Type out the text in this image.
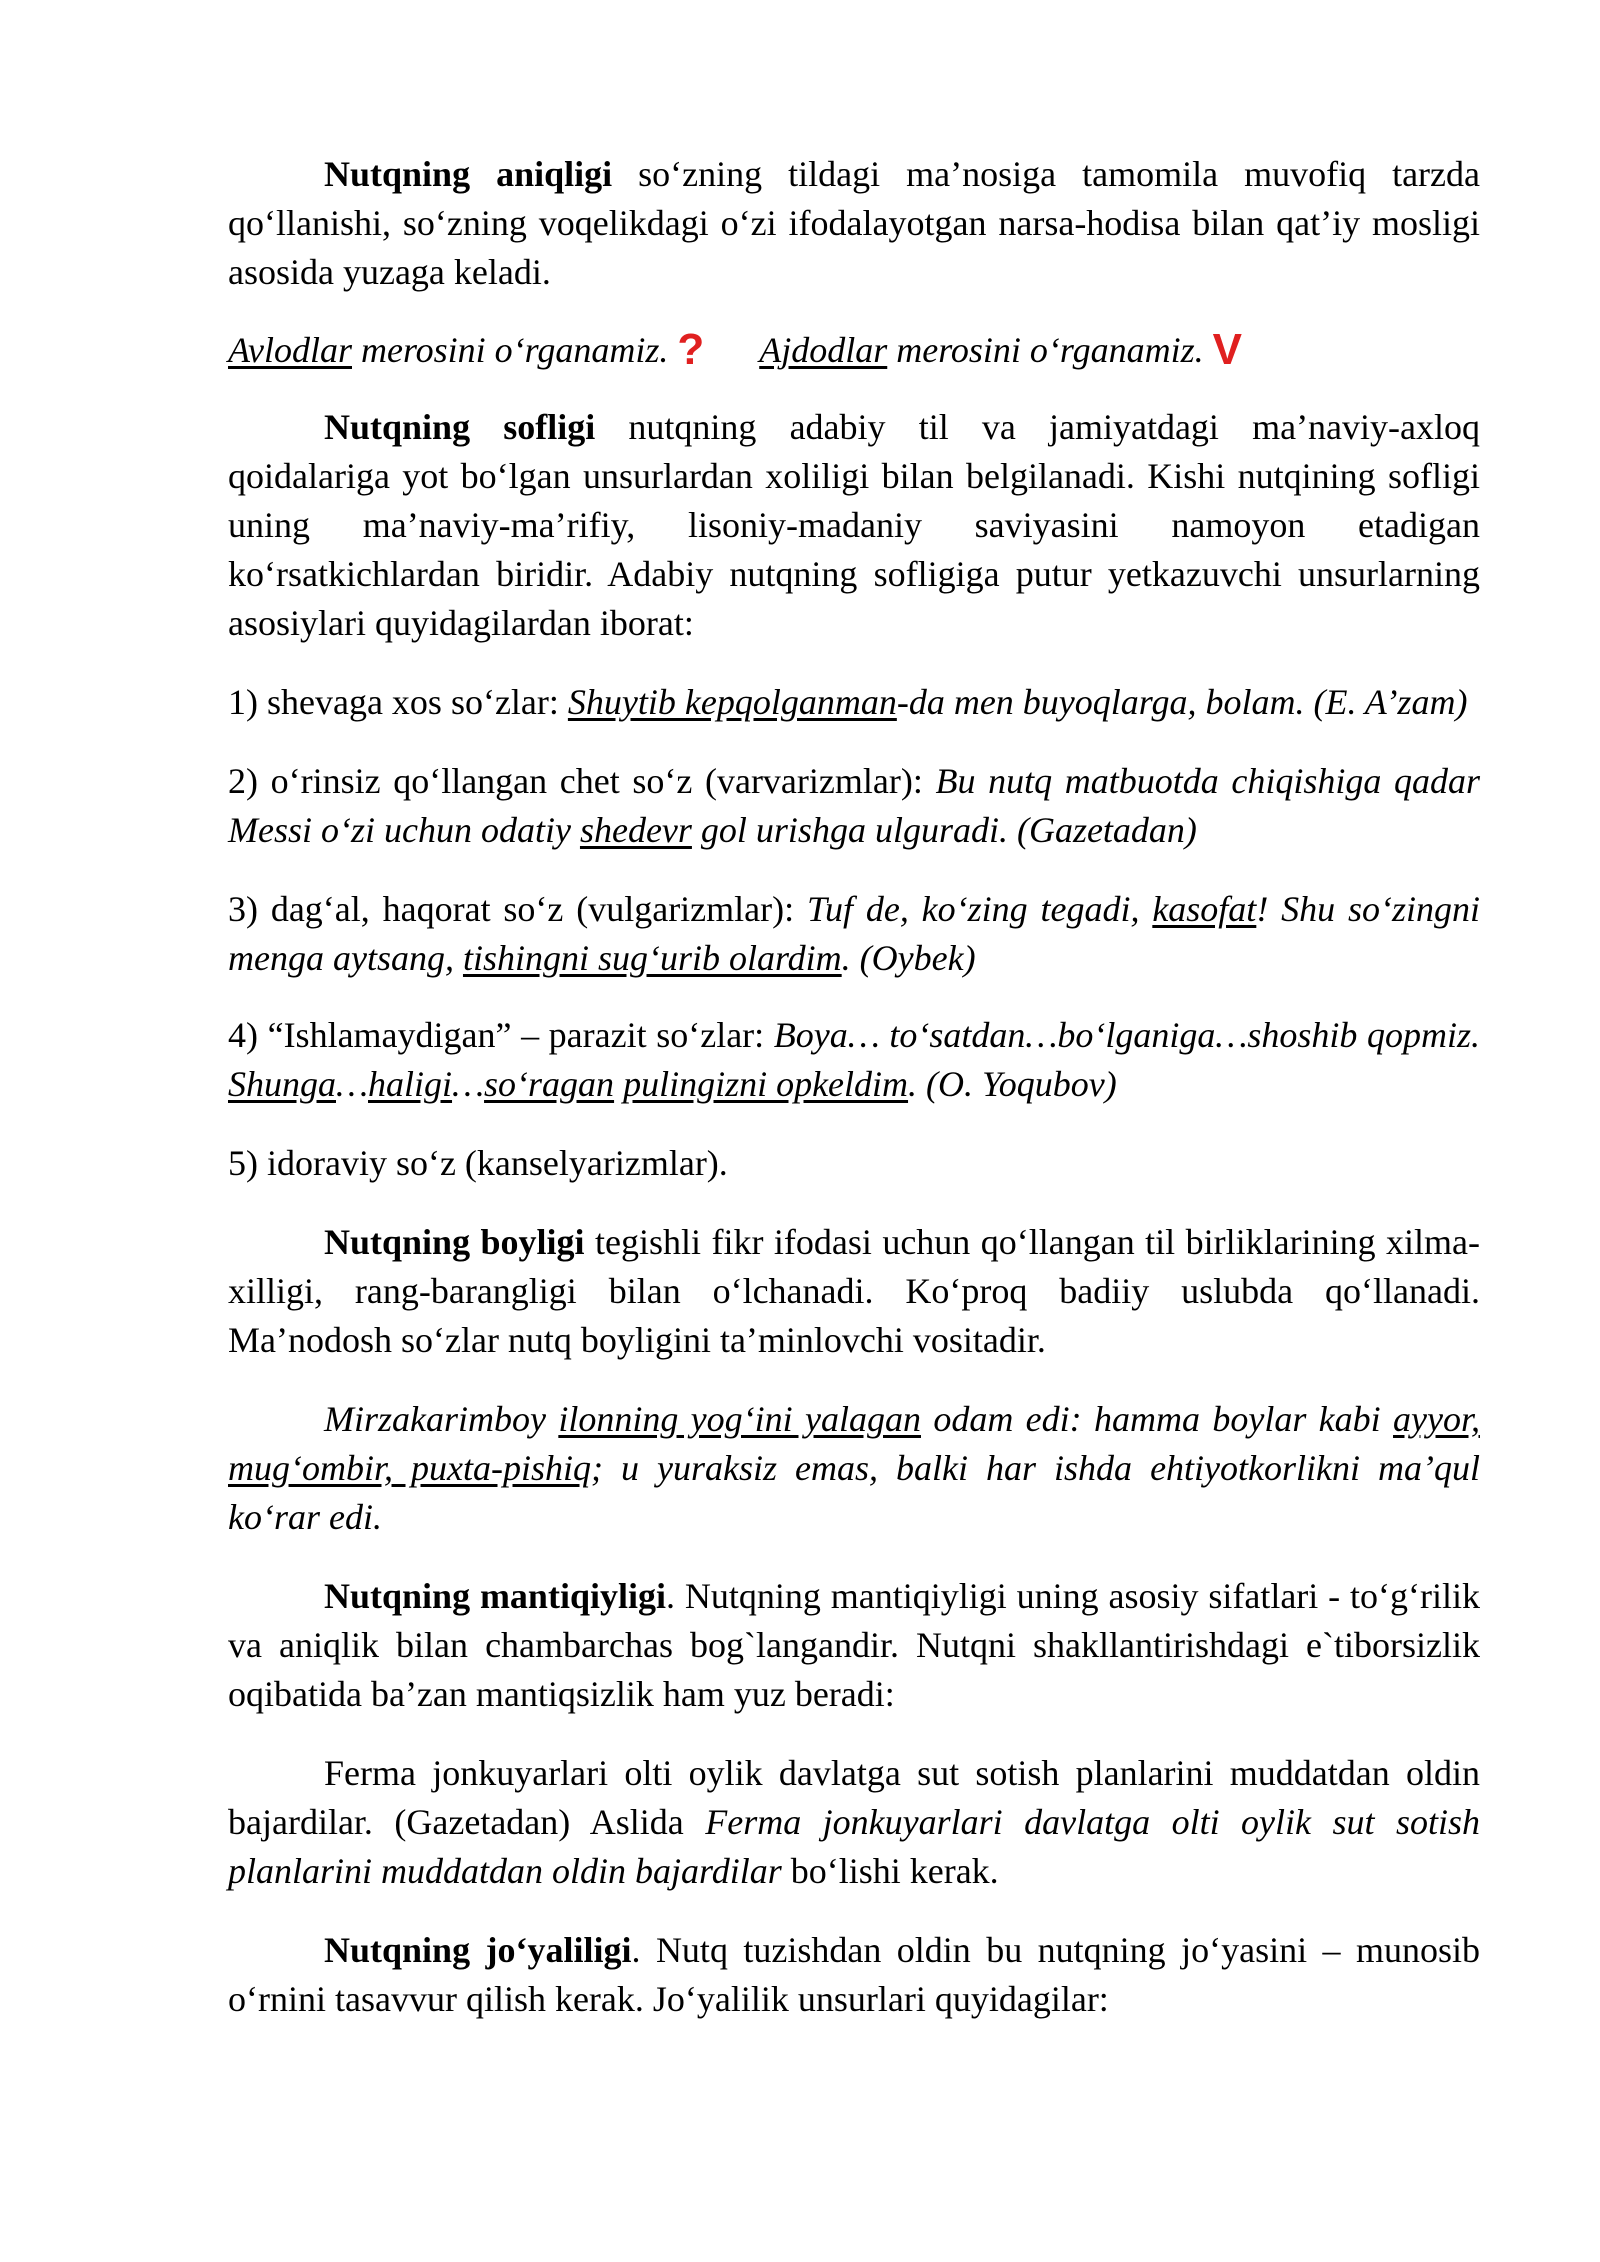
Nutqning aniqligi so‘zning tildagi ma’nosiga tamomila muvofiq tarzda qo‘llanishi, so‘zning voqelikdagi o‘zi ifodalayotgan narsa-hodisa bilan qat’iy mosligi asosida yuzaga keladi.

Avlodlar merosini o‘rganamiz. ? Ajdodlar merosini o‘rganamiz. V

Nutqning sofligi nutqning adabiy til va jamiyatdagi ma’naviy-axloq qoidalariga yot bo‘lgan unsurlardan xoliligi bilan belgilanadi. Kishi nutqining sofligi uning ma’naviy-ma’rifiy, lisoniy-madaniy saviyasini namoyon etadigan ko‘rsatkichlardan biridir. Adabiy nutqning sofligiga putur yetkazuvchi unsurlarning asosiylari quyidagilardan iborat:

1) shevaga xos so‘zlar: Shuytib kepqolganman-da men buyoqlarga, bolam. (E. A’zam)

2) o‘rinsiz qo‘llangan chet so‘z (varvarizmlar): Bu nutq matbuotda chiqishiga qadar Messi o‘zi uchun odatiy shedevr gol urishga ulguradi. (Gazetadan)

3) dag‘al, haqorat so‘z (vulgarizmlar): Tuf de, ko‘zing tegadi, kasofat! Shu so‘zingni menga aytsang, tishingni sug‘urib olardim. (Oybek)

4) “Ishlamaydigan” – parazit so‘zlar: Boya… to‘satdan…bo‘lganiga…shoshib qopmiz. Shunga…haligi…so‘ragan pulingizni opkeldim. (O. Yoqubov)

5) idoraviy so‘z (kanselyarizmlar).

Nutqning boyligi tegishli fikr ifodasi uchun qo‘llangan til birliklarining xilma-xilligi, rang-barangligi bilan o‘lchanadi. Ko‘proq badiiy uslubda qo‘llanadi. Ma’nodosh so‘zlar nutq boyligini ta’minlovchi vositadir.

Mirzakarimboy ilonning yog‘ini yalagan odam edi: hamma boylar kabi ayyor, mug‘ombir, puxta-pishiq; u yuraksiz emas, balki har ishda ehtiyotkorlikni ma’qul ko‘rar edi.

Nutqning mantiqiyligi. Nutqning mantiqiyligi uning asosiy sifatlari - to‘g‘rilik va aniqlik bilan chambarchas bog`langandir. Nutqni shakllantirishdagi e`tiborsizlik oqibatida ba’zan mantiqsizlik ham yuz beradi:

Ferma jonkuyarlari olti oylik davlatga sut sotish planlarini muddatdan oldin bajardilar. (Gazetadan) Aslida Ferma jonkuyarlari davlatga olti oylik sut sotish planlarini muddatdan oldin bajardilar bo‘lishi kerak.

Nutqning jo‘yaliligi. Nutq tuzishdan oldin bu nutqning jo‘yasini – munosib o‘rnini tasavvur qilish kerak. Jo‘yalilik unsurlari quyidagilar:
